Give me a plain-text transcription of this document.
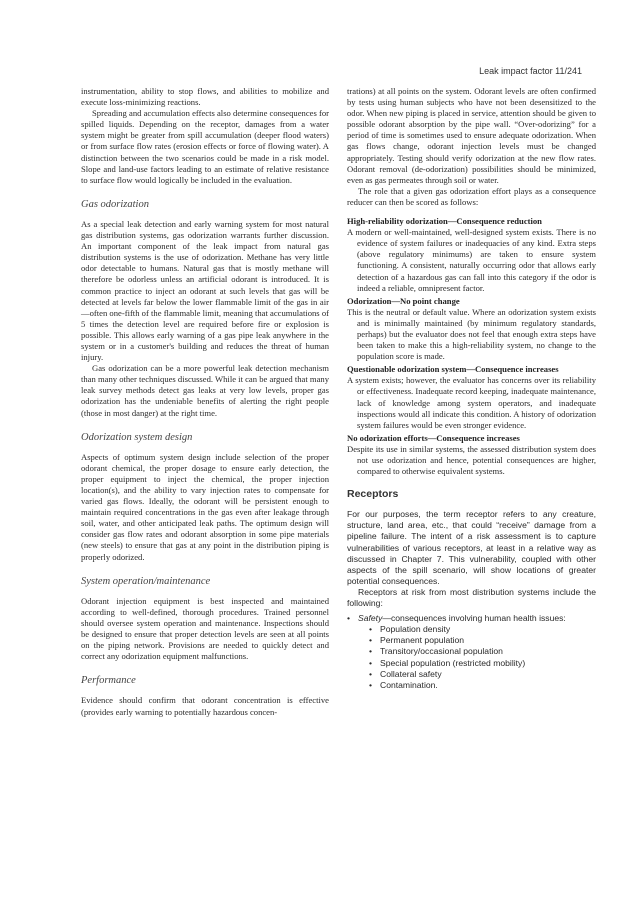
Leak impact factor 11/241

instrumentation, ability to stop flows, and abilities to mobilize and execute loss-minimizing reactions.

Spreading and accumulation effects also determine consequences for spilled liquids. Depending on the receptor, damages from a water system might be greater from spill accumulation (deeper flood waters) or from surface flow rates (erosion effects or force of flowing water). A distinction between the two scenarios could be made in a risk model. Slope and land-use factors leading to an estimate of relative resistance to surface flow would logically be included in the evaluation.

Gas odorization

As a special leak detection and early warning system for most natural gas distribution systems, gas odorization warrants further discussion. An important component of the leak impact from natural gas distribution systems is the use of odorization. Methane has very little odor detectable to humans. Natural gas that is mostly methane will therefore be odorless unless an artificial odorant is introduced. It is common practice to inject an odorant at such levels that gas will be detected at levels far below the lower flammable limit of the gas in air—often one-fifth of the flammable limit, meaning that accumulations of 5 times the detection level are required before fire or explosion is possible. This allows early warning of a gas pipe leak anywhere in the system or in a customer's building and reduces the threat of human injury.

Gas odorization can be a more powerful leak detection mechanism than many other techniques discussed. While it can be argued that many leak survey methods detect gas leaks at very low levels, proper gas odorization has the undeniable benefits of alerting the right people (those in most danger) at the right time.

Odorization system design

Aspects of optimum system design include selection of the proper odorant chemical, the proper dosage to ensure early detection, the proper equipment to inject the chemical, the proper injection location(s), and the ability to vary injection rates to compensate for varied gas flows. Ideally, the odorant will be persistent enough to maintain required concentrations in the gas even after leakage through soil, water, and other anticipated leak paths. The optimum design will consider gas flow rates and odorant absorption in some pipe materials (new steels) to ensure that gas at any point in the distribution piping is properly odorized.

System operation/maintenance

Odorant injection equipment is best inspected and maintained according to well-defined, thorough procedures. Trained personnel should oversee system operation and maintenance. Inspections should be designed to ensure that proper detection levels are seen at all points on the piping network. Provisions are needed to quickly detect and correct any odorization equipment malfunctions.

Performance

Evidence should confirm that odorant concentration is effective (provides early warning to potentially hazardous concen-

trations) at all points on the system. Odorant levels are often confirmed by tests using human subjects who have not been desensitized to the odor. When new piping is placed in service, attention should be given to possible odorant absorption by the pipe wall. “Over-odorizing” for a period of time is sometimes used to ensure adequate odorization. When gas flows change, odorant injection levels must be changed appropriately. Testing should verify odorization at the new flow rates. Odorant removal (de-odorization) possibilities should be minimized, even as gas permeates through soil or water.

The role that a given gas odorization effort plays as a consequence reducer can then be scored as follows:

High-reliability odorization—Consequence reduction

A modern or well-maintained, well-designed system exists. There is no evidence of system failures or inadequacies of any kind. Extra steps (above regulatory minimums) are taken to ensure system functioning. A consistent, naturally occurring odor that allows early detection of a hazardous gas can fall into this category if the odor is indeed a reliable, omnipresent factor.

Odorization—No point change

This is the neutral or default value. Where an odorization system exists and is minimally maintained (by minimum regulatory standards, perhaps) but the evaluator does not feel that enough extra steps have been taken to make this a high-reliability system, no change to the population score is made.

Questionable odorization system—Consequence increases

A system exists; however, the evaluator has concerns over its reliability or effectiveness. Inadequate record keeping, inadequate maintenance, lack of knowledge among system operators, and inadequate inspections would all indicate this condition. A history of odorization system failures would be even stronger evidence.

No odorization efforts—Consequence increases

Despite its use in similar systems, the assessed distribution system does not use odorization and hence, potential consequences are higher, compared to otherwise equivalent systems.

Receptors

For our purposes, the term receptor refers to any creature, structure, land area, etc., that could “receive” damage from a pipeline failure. The intent of a risk assessment is to capture vulnerabilities of various receptors, at least in a relative way as discussed in Chapter 7. This vulnerability, coupled with other aspects of the spill scenario, will show locations of greater potential consequences.

Receptors at risk from most distribution systems include the following:

• Safety—consequences involving human health issues:
• Population density
• Permanent population
• Transitory/occasional population
• Special population (restricted mobility)
• Collateral safety
• Contamination.
